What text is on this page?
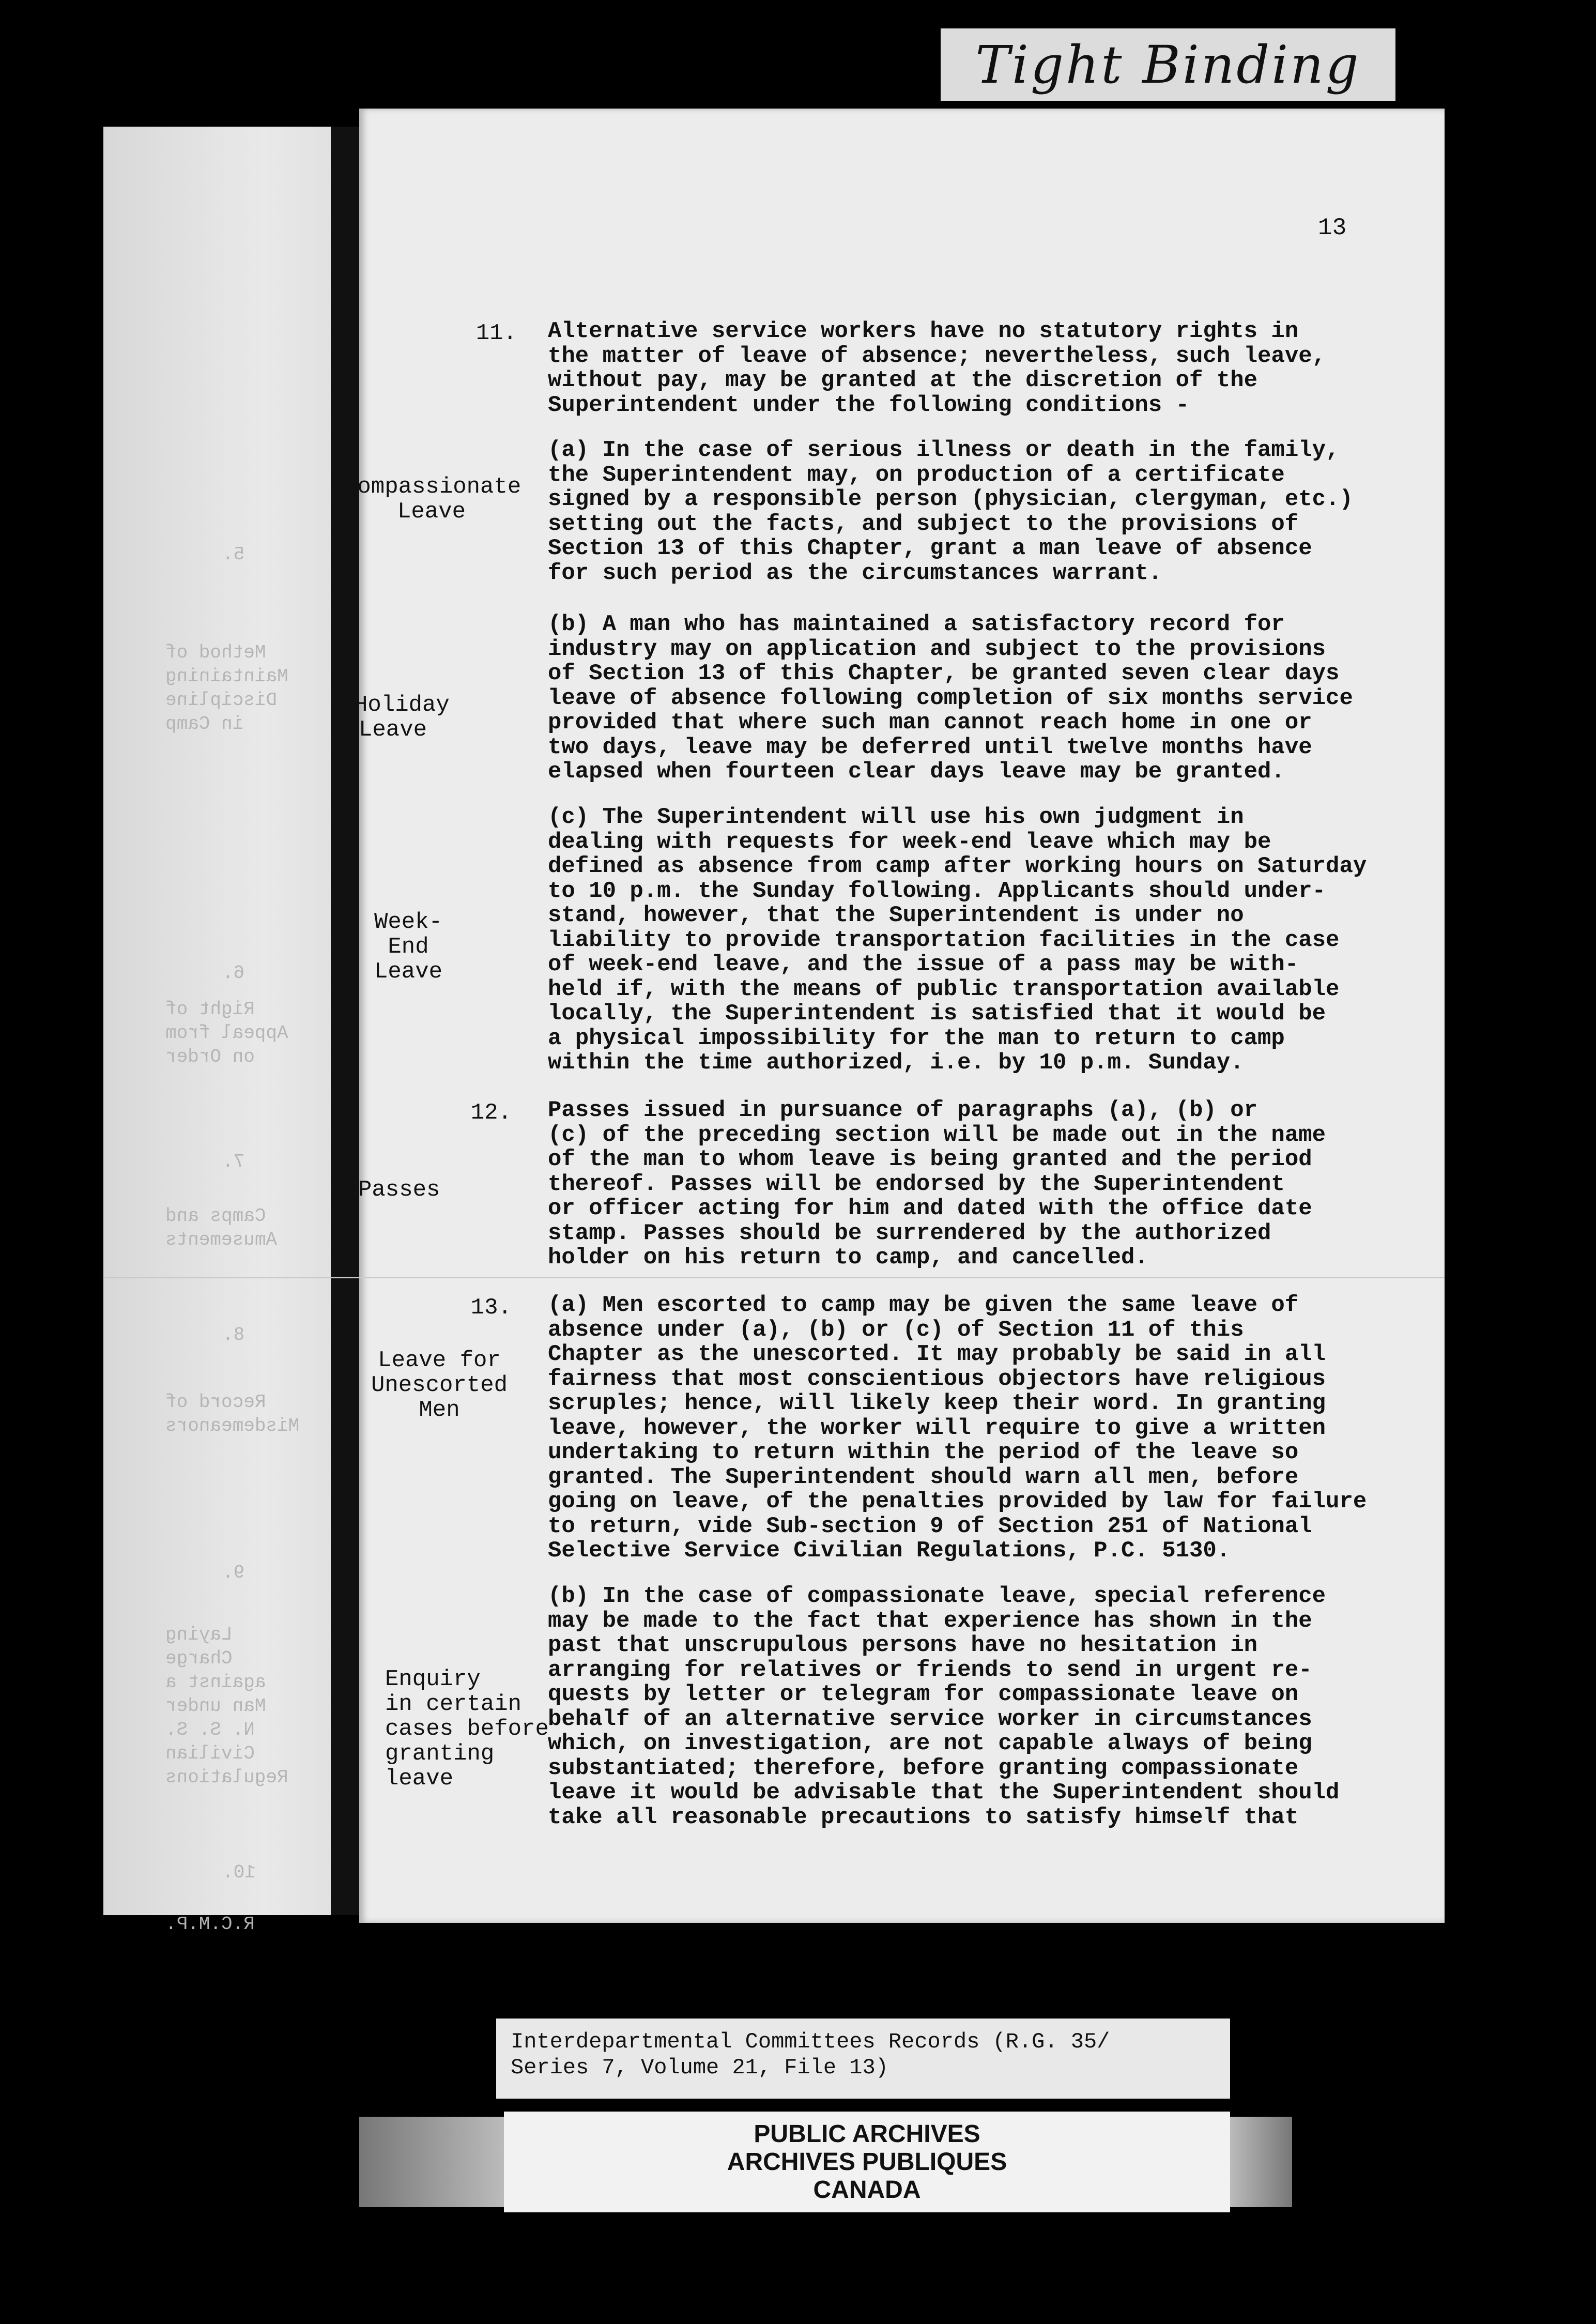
Tight Binding
5.
Method of
Maintaining
Discipline
in Camp
6.
Right of
Appeal from
on Order
7.
Camps and
Amusements
8.
Record of
Misdemeanors
9.
Laying
Charge
against a
Man under
N. S. S.
Civilian
Regulations
10.
R.C.M.P.
13
11. Alternative service workers have no statutory rights in
the matter of leave of absence; nevertheless, such leave,
without pay, may be granted at the discretion of the
Superintendent under the following conditions -

Compassionate
Leave

(a) In the case of serious illness or death in the family,
the Superintendent may, on production of a certificate
signed by a responsible person (physician, clergyman, etc.)
setting out the facts, and subject to the provisions of
Section 13 of this Chapter, grant a man leave of absence
for such period as the circumstances warrant.

Holiday
Leave

(b) A man who has maintained a satisfactory record for
industry may on application and subject to the provisions
of Section 13 of this Chapter, be granted seven clear days
leave of absence following completion of six months service
provided that where such man cannot reach home in one or
two days, leave may be deferred until twelve months have
elapsed when fourteen clear days leave may be granted.

Week-End
Leave

(c) The Superintendent will use his own judgment in
dealing with requests for week-end leave which may be
defined as absence from camp after working hours on Saturday
to 10 p.m. the Sunday following. Applicants should under-
stand, however, that the Superintendent is under no
liability to provide transportation facilities in the case
of week-end leave, and the issue of a pass may be with-
held if, with the means of public transportation available
locally, the Superintendent is satisfied that it would be
a physical impossibility for the man to return to camp
within the time authorized, i.e. by 10 p.m. Sunday.

12.
Passes

Passes issued in pursuance of paragraphs (a), (b) or
(c) of the preceding section will be made out in the name
of the man to whom leave is being granted and the period
thereof. Passes will be endorsed by the Superintendent
or officer acting for him and dated with the office date
stamp. Passes should be surrendered by the authorized
holder on his return to camp, and cancelled.

13.
Leave for
Unescorted
Men

(a) Men escorted to camp may be given the same leave of
absence under (a), (b) or (c) of Section 11 of this
Chapter as the unescorted. It may probably be said in all
fairness that most conscientious objectors have religious
scruples; hence, will likely keep their word. In granting
leave, however, the worker will require to give a written
undertaking to return within the period of the leave so
granted. The Superintendent should warn all men, before
going on leave, of the penalties provided by law for failure
to return, vide Sub-section 9 of Section 251 of National
Selective Service Civilian Regulations, P.C. 5130.

Enquiry
in certain
cases before
granting
leave

(b) In the case of compassionate leave, special reference
may be made to the fact that experience has shown in the
past that unscrupulous persons have no hesitation in
arranging for relatives or friends to send in urgent re-
quests by letter or telegram for compassionate leave on
behalf of an alternative service worker in circumstances
which, on investigation, are not capable always of being
substantiated; therefore, before granting compassionate
leave it would be advisable that the Superintendent should
take all reasonable precautions to satisfy himself that

Interdepartmental Committees Records (R.G. 35/
Series 7, Volume 21, File 13)
PUBLIC ARCHIVES
ARCHIVES PUBLIQUES
CANADA
